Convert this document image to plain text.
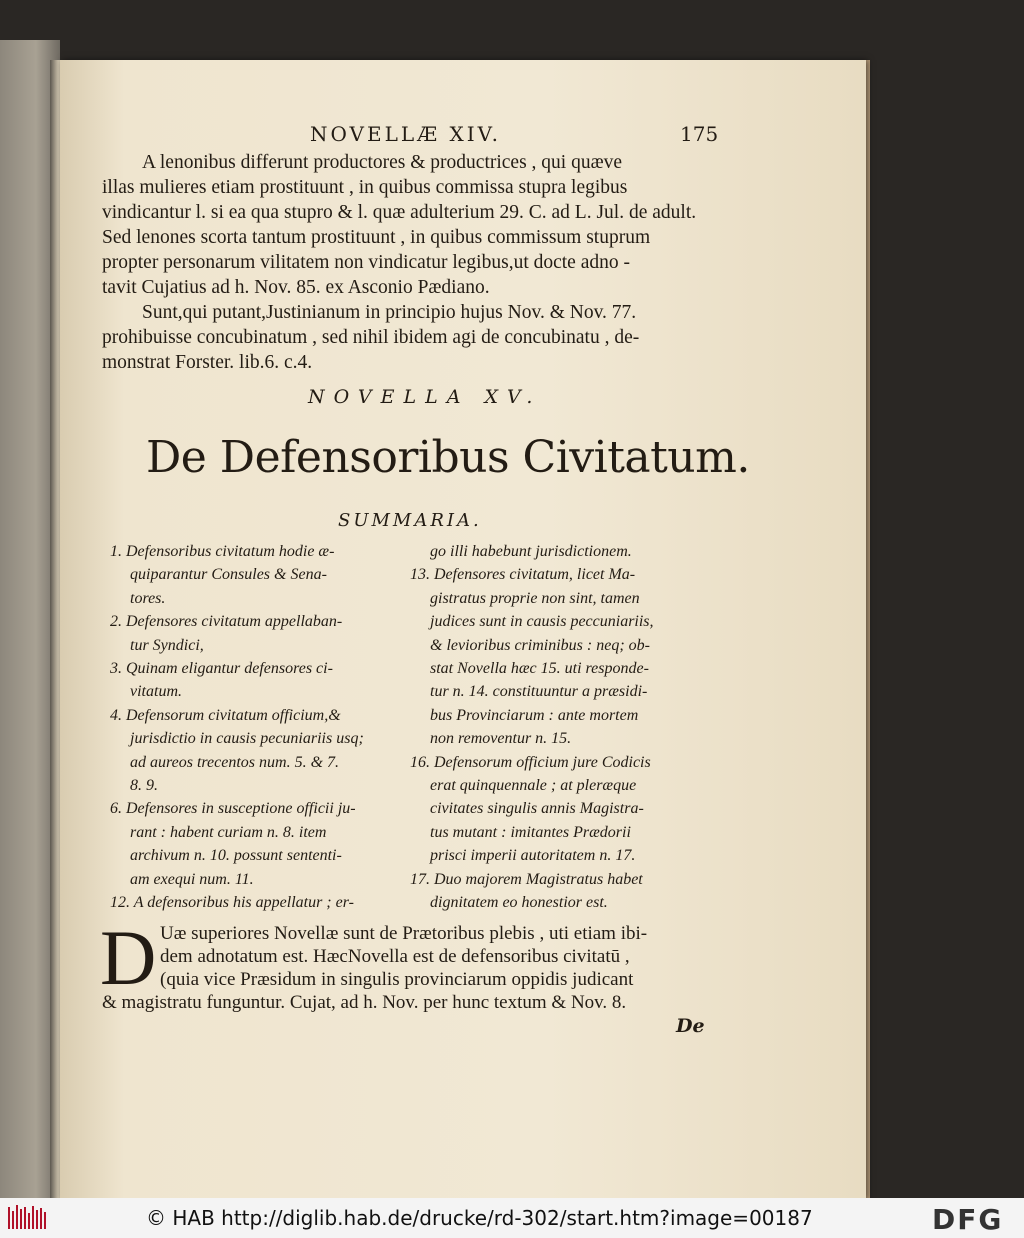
NOVELLÆ XIV.	175

A lenonibus differunt productores & productrices , qui quæve
illas mulieres etiam prostituunt , in quibus commissa stupra legibus
vindicantur l. si ea qua stupro & l. quæ adulterium 29. C. ad L. Jul. de adult.
Sed lenones scorta tantum prostituunt , in quibus commissum stuprum
propter personarum vilitatem non vindicatur legibus,ut docte adno -
tavit Cujatius ad h. Nov. 85. ex Asconio Pædiano.

Sunt,qui putant,Justinianum in principio hujus Nov. & Nov. 77.
prohibuisse concubinatum , sed nihil ibidem agi de concubinatu , de-
monstrat Forster. lib.6. c.4.

NOVELLA XV.
De Defensoribus Civitatum.
SUMMARIA.
1. Defensoribus civitatum hodie æ-
quiparantur Consules & Sena-
tores.
2. Defensores civitatum appellaban-
tur Syndici,
3. Quinam eligantur defensores ci-
vitatum.
4. Defensorum civitatum officium,&
jurisdictio in causis pecuniariis usq;
ad aureos trecentos num. 5. & 7.
8. 9.
6. Defensores in susceptione officii ju-
rant : habent curiam n. 8. item
archivum n. 10. possunt sententi-
am exequi num. 11.
12. A defensoribus his appellatur ; er-
go illi habebunt jurisdictionem.
13. Defensores civitatum, licet Ma-
gistratus proprie non sint, tamen
judices sunt in causis peccuniariis,
& levioribus criminibus : neq; ob-
stat Novella hæc 15. uti responde-
tur n. 14. constituuntur a præsidi-
bus Provinciarum : ante mortem
non removentur n. 15.
16. Defensorum officium jure Codicis
erat quinquennale ; at pleræque
civitates singulis annis Magistra-
tus mutant : imitantes Prædorii
prisci imperii autoritatem n. 17.
17. Duo majorem Magistratus habet
dignitatem eo honestior est.
D Uæ superiores Novellæ sunt de Prætoribus plebis , uti etiam ibi-
dem adnotatum est. HæcNovella est de defensoribus civitatū ,
(quia vice Præsidum in singulis provinciarum oppidis judicant
& magistratu funguntur. Cujat, ad h. Nov. per hunc textum & Nov. 8.
De
© HAB http://diglib.hab.de/drucke/rd-302/start.htm?image=00187	DFG
